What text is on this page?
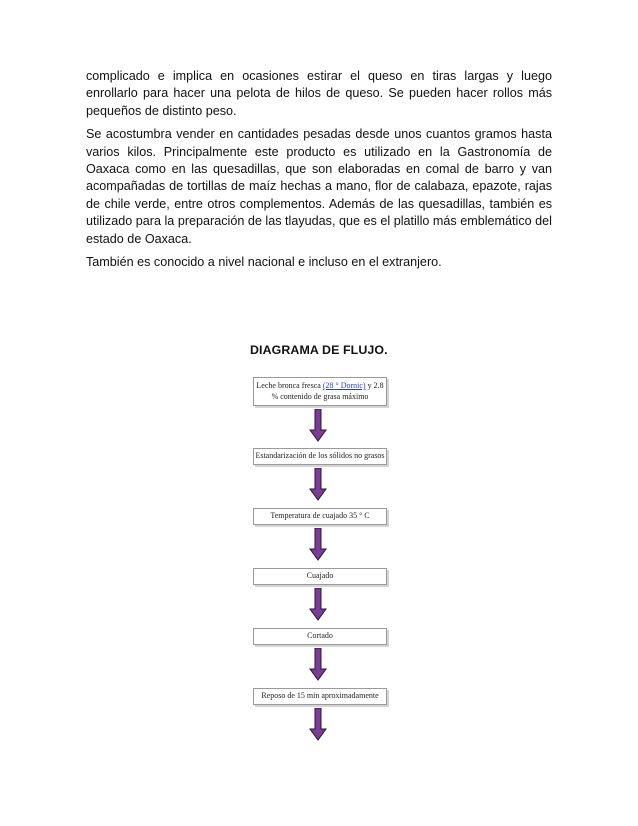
complicado e implica en ocasiones estirar el queso en tiras largas y luego enrollarlo para hacer una pelota de hilos de queso. Se pueden hacer rollos más pequeños de distinto peso.

Se acostumbra vender en cantidades pesadas desde unos cuantos gramos hasta varios kilos. Principalmente este producto es utilizado en la Gastronomía de Oaxaca como en las quesadillas, que son elaboradas en comal de barro y van acompañadas de tortillas de maíz hechas a mano, flor de calabaza, epazote, rajas de chile verde, entre otros complementos. Además de las quesadillas, también es utilizado para la preparación de las tlayudas, que es el platillo más emblemático del estado de Oaxaca.

También es conocido a nivel nacional e incluso en el extranjero.

DIAGRAMA DE FLUJO.
Leche bronca fresca (28 ° Dornic) y 2.8 % contenido de grasa máximo
Estandarización de los sólidos no grasos
Temperatura de cuajado 35 ° C
Cuajado
Cortado
Reposo de 15 min aproximadamente
